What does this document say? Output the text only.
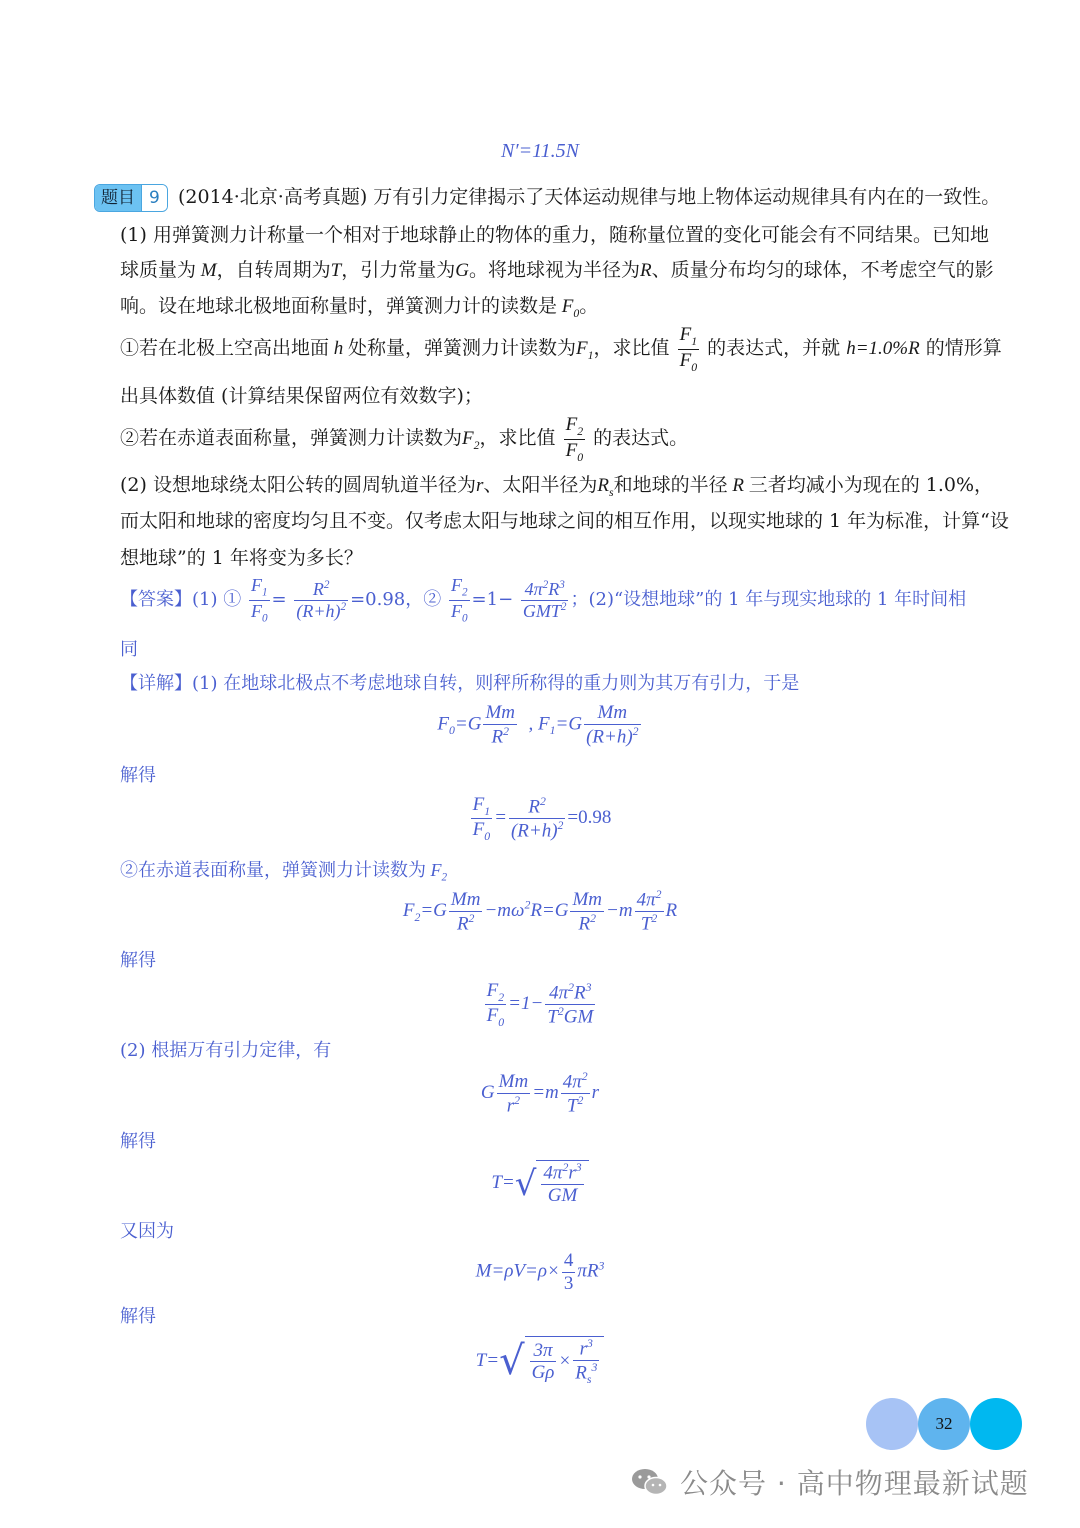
N′=11.5N
题目 9 (2014·北京·高考真题) 万有引力定律揭示了天体运动规律与地上物体运动规律具有内在的一致性。
(1) 用弹簧测力计称量一个相对于地球静止的物体的重力，随称量位置的变化可能会有不同结果。已知地
球质量为 M，自转周期为T，引力常量为G。将地球视为半径为R、质量分布均匀的球体，不考虑空气的影
响。设在地球北极地面称量时，弹簧测力计的读数是 $F_0$。
①若在北极上空高出地面 h 处称量，弹簧测力计读数为$F_1$，求比值 $\frac{F_1}{F_0}$ 的表达式，并就 h=1.0%R 的情形算
出具体数值 (计算结果保留两位有效数字)；
②若在赤道表面称量，弹簧测力计读数为$F_2$，求比值 $\frac{F_2}{F_0}$ 的表达式。
(2) 设想地球绕太阳公转的圆周轨道半径为r、太阳半径为$R_s$和地球的半径 R 三者均减小为现在的 1.0%，
而太阳和地球的密度均匀且不变。仅考虑太阳与地球之间的相互作用，以现实地球的 1 年为标准，计算“设
想地球”的 1 年将变为多长？
【答案】(1) ① $\frac{F_1}{F_0} = \frac{R^2}{(R+h)^2} =0.98$，② $\frac{F_2}{F_0} =1- \frac{4\pi^2R^3}{GMT^2}$ ；(2)“设想地球”的 1 年与现实地球的 1 年时间相
同
【详解】(1) 在地球北极点不考虑地球自转，则秤所称得的重力则为其万有引力，于是
$F_0=G \frac{Mm}{R^2}$ , $F_1=G \frac{Mm}{(R+h)^2}$
解得
$\frac{F_1}{F_0} = \frac{R^2}{(R+h)^2} =0.98$
②在赤道表面称量，弹簧测力计读数为 $F_2$
$F_2=G \frac{Mm}{R^2} -m\omega^2R=G \frac{Mm}{R^2} -m \frac{4\pi^2}{T^2}$ R
解得
$\frac{F_2}{F_0} =1- \frac{4\pi^2R^3}{T^2GM}$
(2) 根据万有引力定律，有
G $\frac{Mm}{r^2} =m \frac{4\pi^2}{T^2}$ r
解得
$T=√ \frac{4\pi^2r^3}{GM}$
又因为
$M=\rho V=\rho\times \frac{4}{3} \pi R^3$
解得
$T=√ \frac{3\pi}{G\rho} \times \frac{r^3}{R_s^3}$
32
公众号 · 高中物理最新试题
